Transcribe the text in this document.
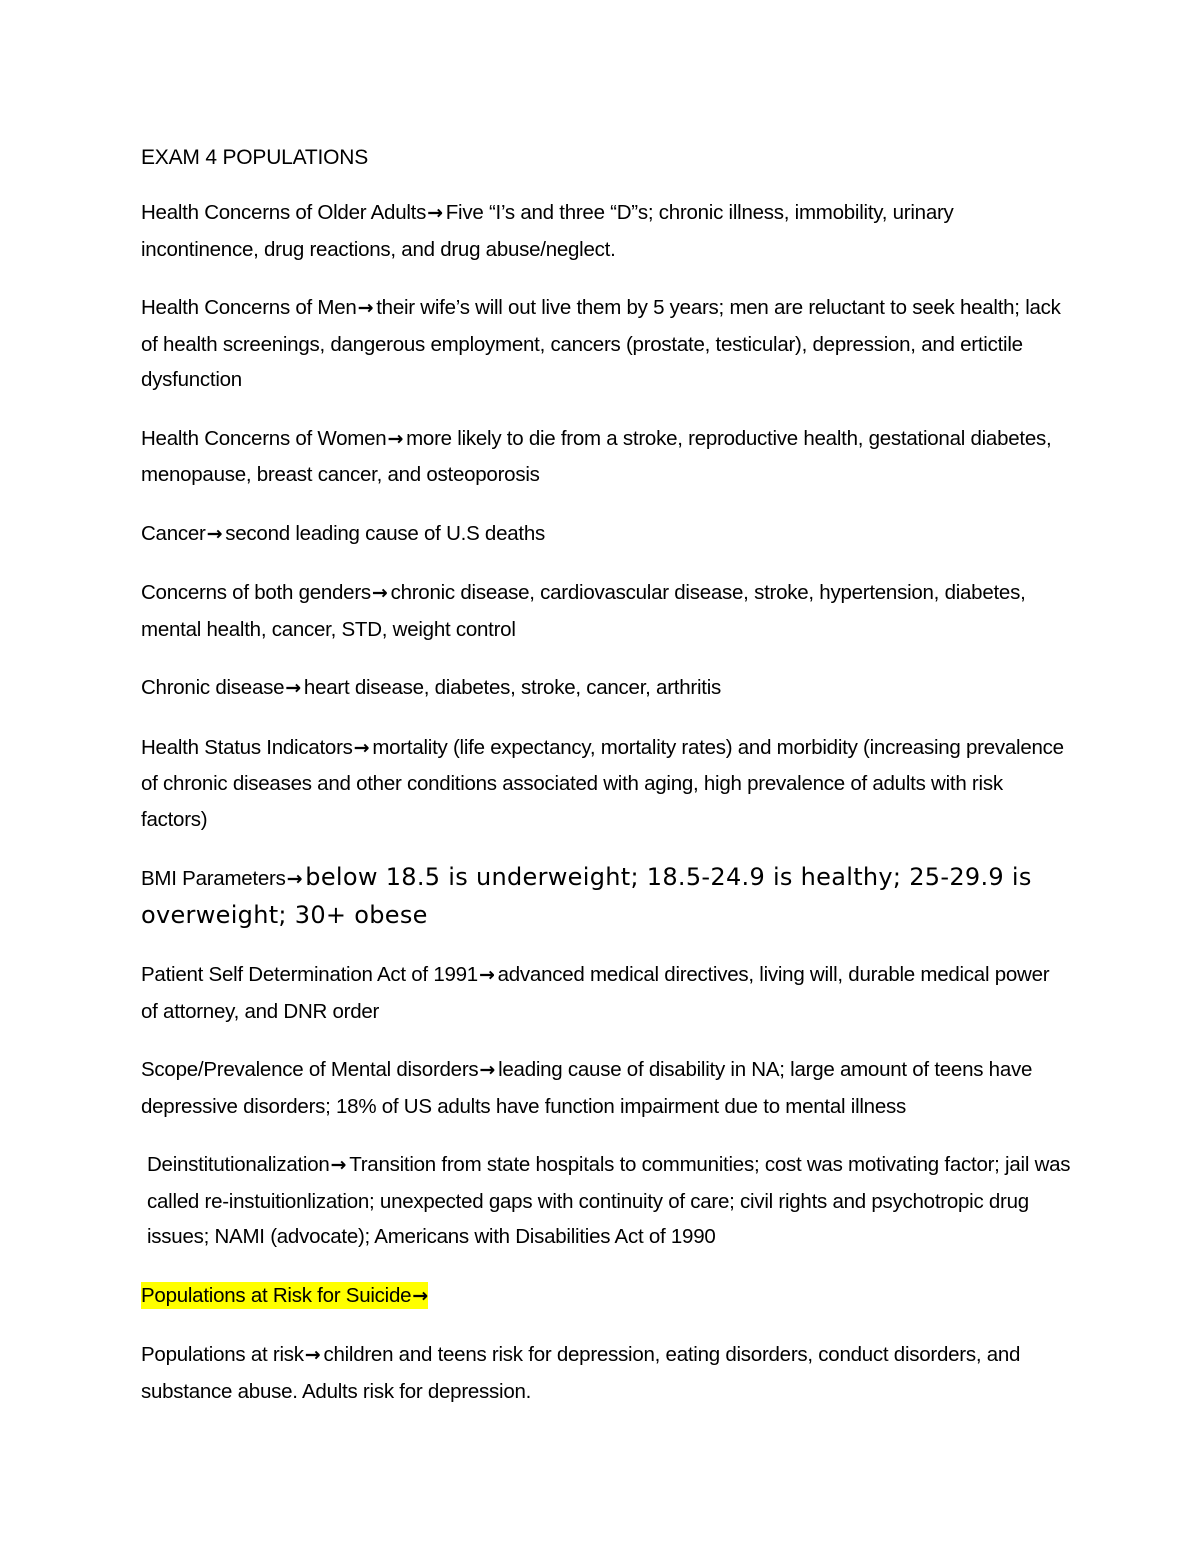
EXAM 4 POPULATIONS

Health Concerns of Older Adults→ Five “I’s and three “D”s; chronic illness, immobility, urinary incontinence, drug reactions, and drug abuse/neglect.

Health Concerns of Men→ their wife’s will out live them by 5 years; men are reluctant to seek health; lack of health screenings, dangerous employment, cancers (prostate, testicular), depression, and ertictile dysfunction

Health Concerns of Women→ more likely to die from a stroke, reproductive health, gestational diabetes, menopause, breast cancer, and osteoporosis

Cancer→ second leading cause of U.S deaths

Concerns of both genders→ chronic disease, cardiovascular disease, stroke, hypertension, diabetes, mental health, cancer, STD, weight control

Chronic disease→ heart disease, diabetes, stroke, cancer, arthritis

Health Status Indicators→ mortality (life expectancy, mortality rates) and morbidity (increasing prevalence of chronic diseases and other conditions associated with aging, high prevalence of adults with risk factors)

BMI Parameters→ below 18.5 is underweight; 18.5-24.9 is healthy; 25-29.9 is overweight; 30+ obese

Patient Self Determination Act of 1991→ advanced medical directives, living will, durable medical power of attorney, and DNR order

Scope/Prevalence of Mental disorders→ leading cause of disability in NA; large amount of teens have depressive disorders; 18% of US adults have function impairment due to mental illness

Deinstitutionalization→ Transition from state hospitals to communities; cost was motivating factor; jail was called re-instuitionlization; unexpected gaps with continuity of care; civil rights and psychotropic drug issues; NAMI (advocate); Americans with Disabilities Act of 1990

Populations at Risk for Suicide→

Populations at risk→ children and teens risk for depression, eating disorders, conduct disorders, and substance abuse. Adults risk for depression.
